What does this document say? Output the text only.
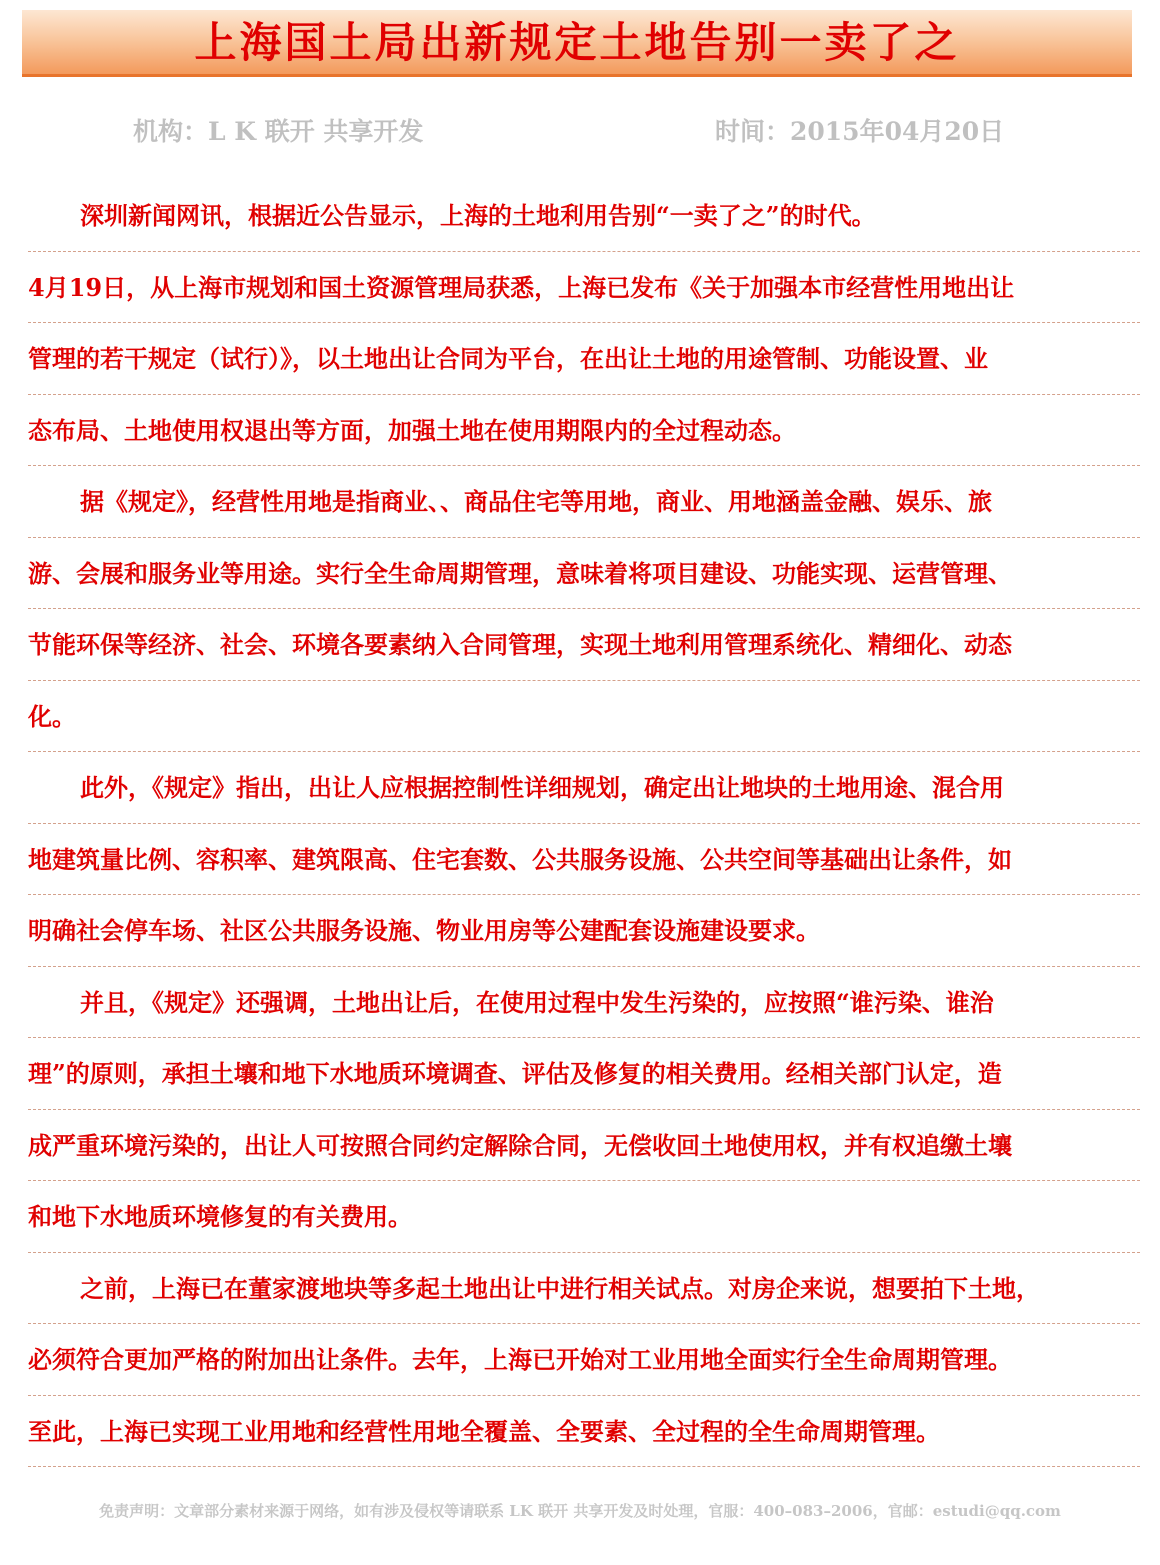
上海国土局出新规定土地告别一卖了之
机构：L K 联开 共享开发	时间：2015年04月20日
深圳新闻网讯，根据近公告显示，上海的土地利用告别“一卖了之”的时代。
4月19日，从上海市规划和国土资源管理局获悉，上海已发布《关于加强本市经营性用地出让
管理的若干规定（试行）》，以土地出让合同为平台，在出让土地的用途管制、功能设置、业
态布局、土地使用权退出等方面，加强土地在使用期限内的全过程动态。
据《规定》，经营性用地是指商业、、商品住宅等用地，商业、用地涵盖金融、娱乐、旅
游、会展和服务业等用途。实行全生命周期管理，意味着将项目建设、功能实现、运营管理、
节能环保等经济、社会、环境各要素纳入合同管理，实现土地利用管理系统化、精细化、动态
化。
此外，《规定》指出，出让人应根据控制性详细规划，确定出让地块的土地用途、混合用
地建筑量比例、容积率、建筑限高、住宅套数、公共服务设施、公共空间等基础出让条件，如
明确社会停车场、社区公共服务设施、物业用房等公建配套设施建设要求。
并且，《规定》还强调，土地出让后，在使用过程中发生污染的，应按照“谁污染、谁治
理”的原则，承担土壤和地下水地质环境调查、评估及修复的相关费用。经相关部门认定，造
成严重环境污染的，出让人可按照合同约定解除合同，无偿收回土地使用权，并有权追缴土壤
和地下水地质环境修复的有关费用。
之前，上海已在董家渡地块等多起土地出让中进行相关试点。对房企来说，想要拍下土地，
必须符合更加严格的附加出让条件。去年，上海已开始对工业用地全面实行全生命周期管理。
至此，上海已实现工业用地和经营性用地全覆盖、全要素、全过程的全生命周期管理。
免责声明：文章部分素材来源于网络，如有涉及侵权等请联系 LK 联开 共享开发及时处理，官服：400–083–2006，官邮：estudi@qq.com
